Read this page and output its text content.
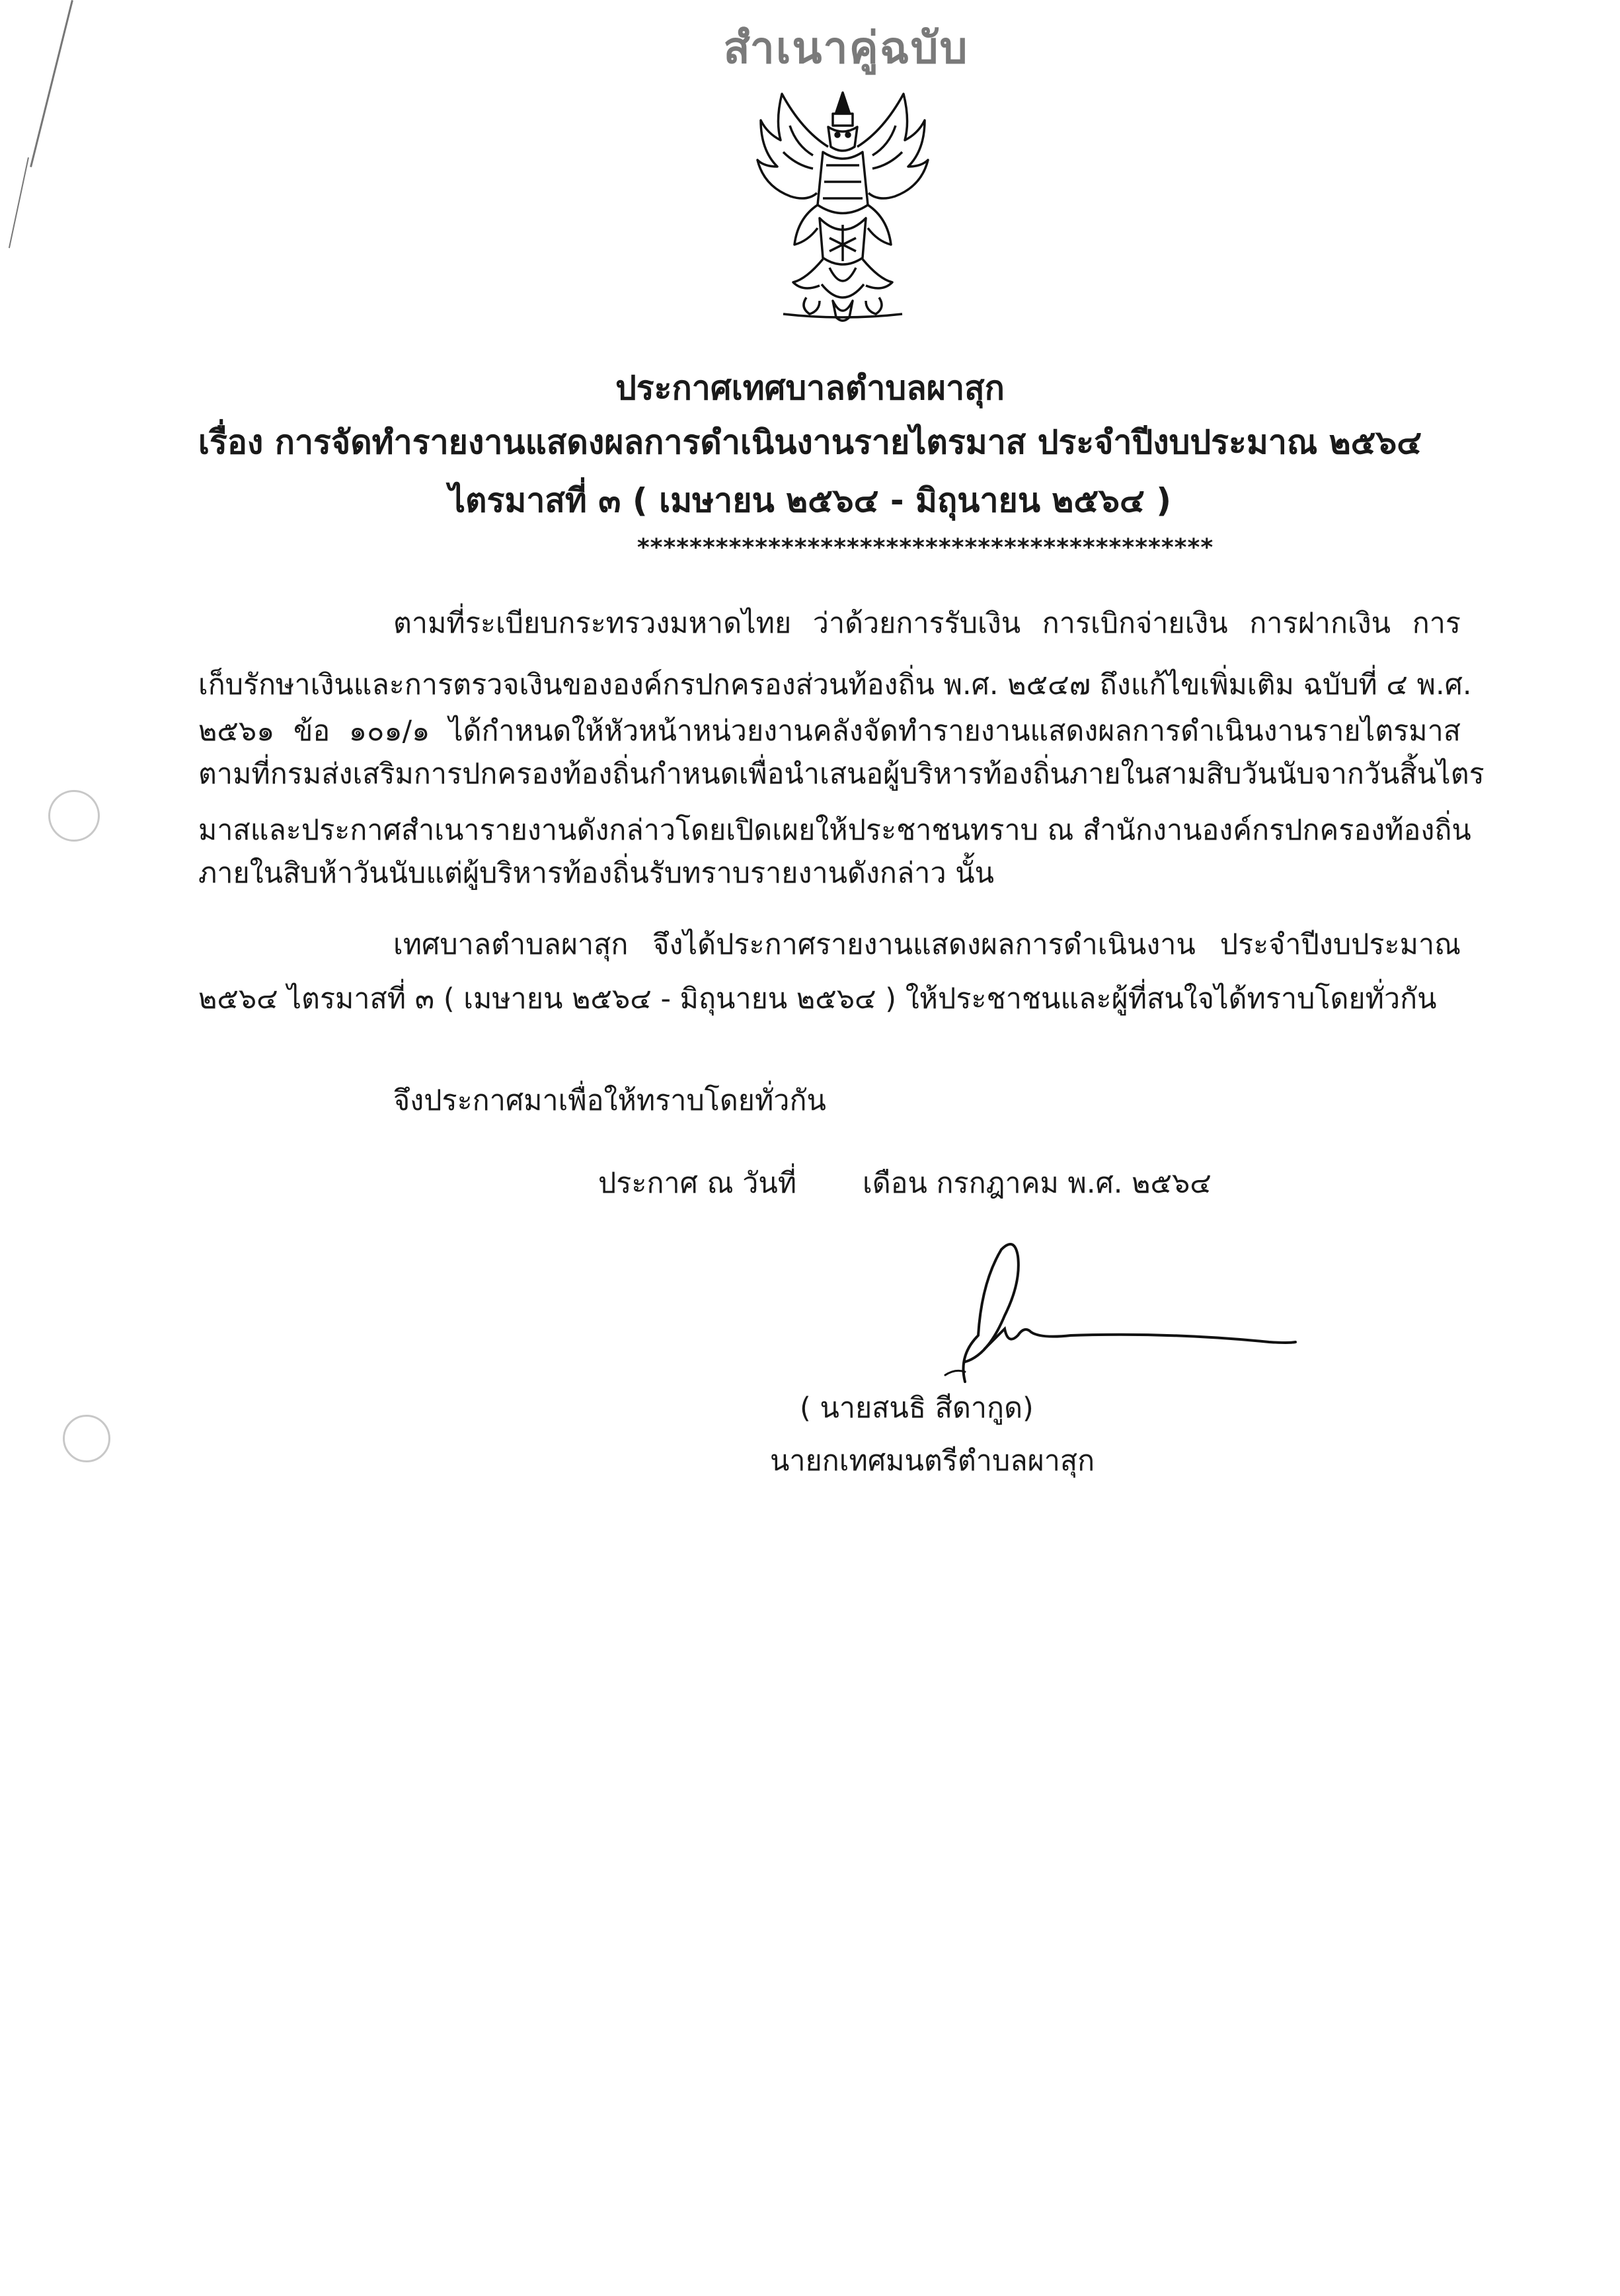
สำเนาคู่ฉบับ
ประกาศเทศบาลตำบลผาสุก
เรื่อง การจัดทำรายงานแสดงผลการดำเนินงานรายไตรมาส ประจำปีงบประมาณ ๒๕๖๔
ไตรมาสที่ ๓ ( เมษายน ๒๕๖๔ - มิถุนายน ๒๕๖๔ )
********************************************
ตามที่ระเบียบกระทรวงมหาดไทย ว่าด้วยการรับเงิน การเบิกจ่ายเงิน การฝากเงิน การ
เก็บรักษาเงินและการตรวจเงินขององค์กรปกครองส่วนท้องถิ่น พ.ศ. ๒๕๔๗ ถึงแก้ไขเพิ่มเติม ฉบับที่ ๔ พ.ศ.
๒๕๖๑ ข้อ ๑๐๑/๑ ได้กำหนดให้หัวหน้าหน่วยงานคลังจัดทำรายงานแสดงผลการดำเนินงานรายไตรมาส
ตามที่กรมส่งเสริมการปกครองท้องถิ่นกำหนดเพื่อนำเสนอผู้บริหารท้องถิ่นภายในสามสิบวันนับจากวันสิ้นไตร
มาสและประกาศสำเนารายงานดังกล่าวโดยเปิดเผยให้ประชาชนทราบ ณ สำนักงานองค์กรปกครองท้องถิ่น
ภายในสิบห้าวันนับแต่ผู้บริหารท้องถิ่นรับทราบรายงานดังกล่าว นั้น
เทศบาลตำบลผาสุก จึงได้ประกาศรายงานแสดงผลการดำเนินงาน ประจำปีงบประมาณ
๒๕๖๔ ไตรมาสที่ ๓ ( เมษายน ๒๕๖๔ - มิถุนายน ๒๕๖๔ ) ให้ประชาชนและผู้ที่สนใจได้ทราบโดยทั่วกัน
จึงประกาศมาเพื่อให้ทราบโดยทั่วกัน
ประกาศ ณ วันที่ เดือน กรกฎาคม พ.ศ. ๒๕๖๔
( นายสนธิ สีดากูด)
นายกเทศมนตรีตำบลผาสุก
